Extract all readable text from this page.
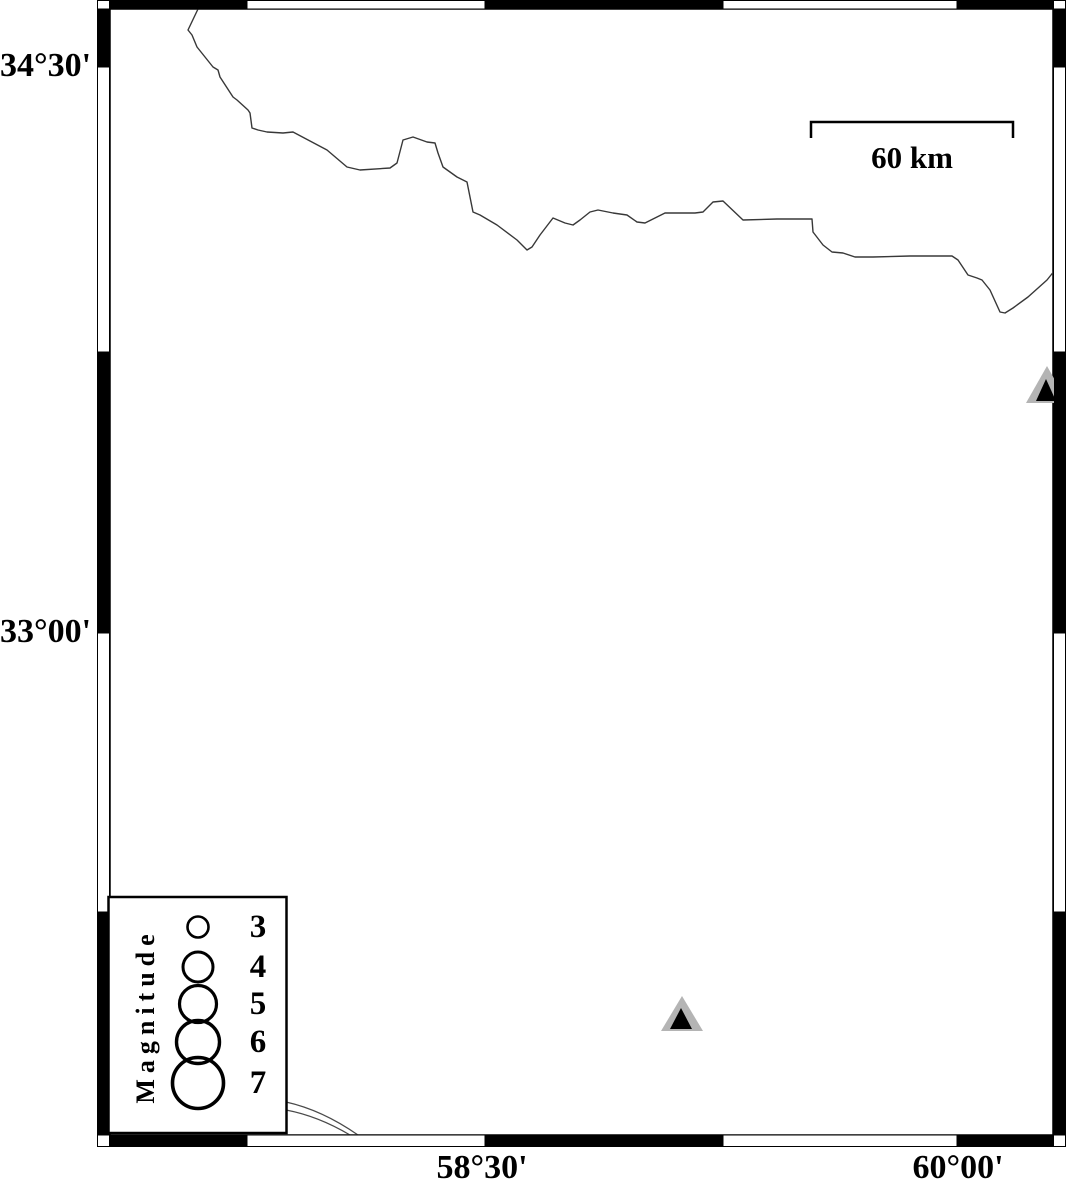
34°30'
33°00'
58°30'	60°00'
60 km
Magnitude
3
4
5
6
7
